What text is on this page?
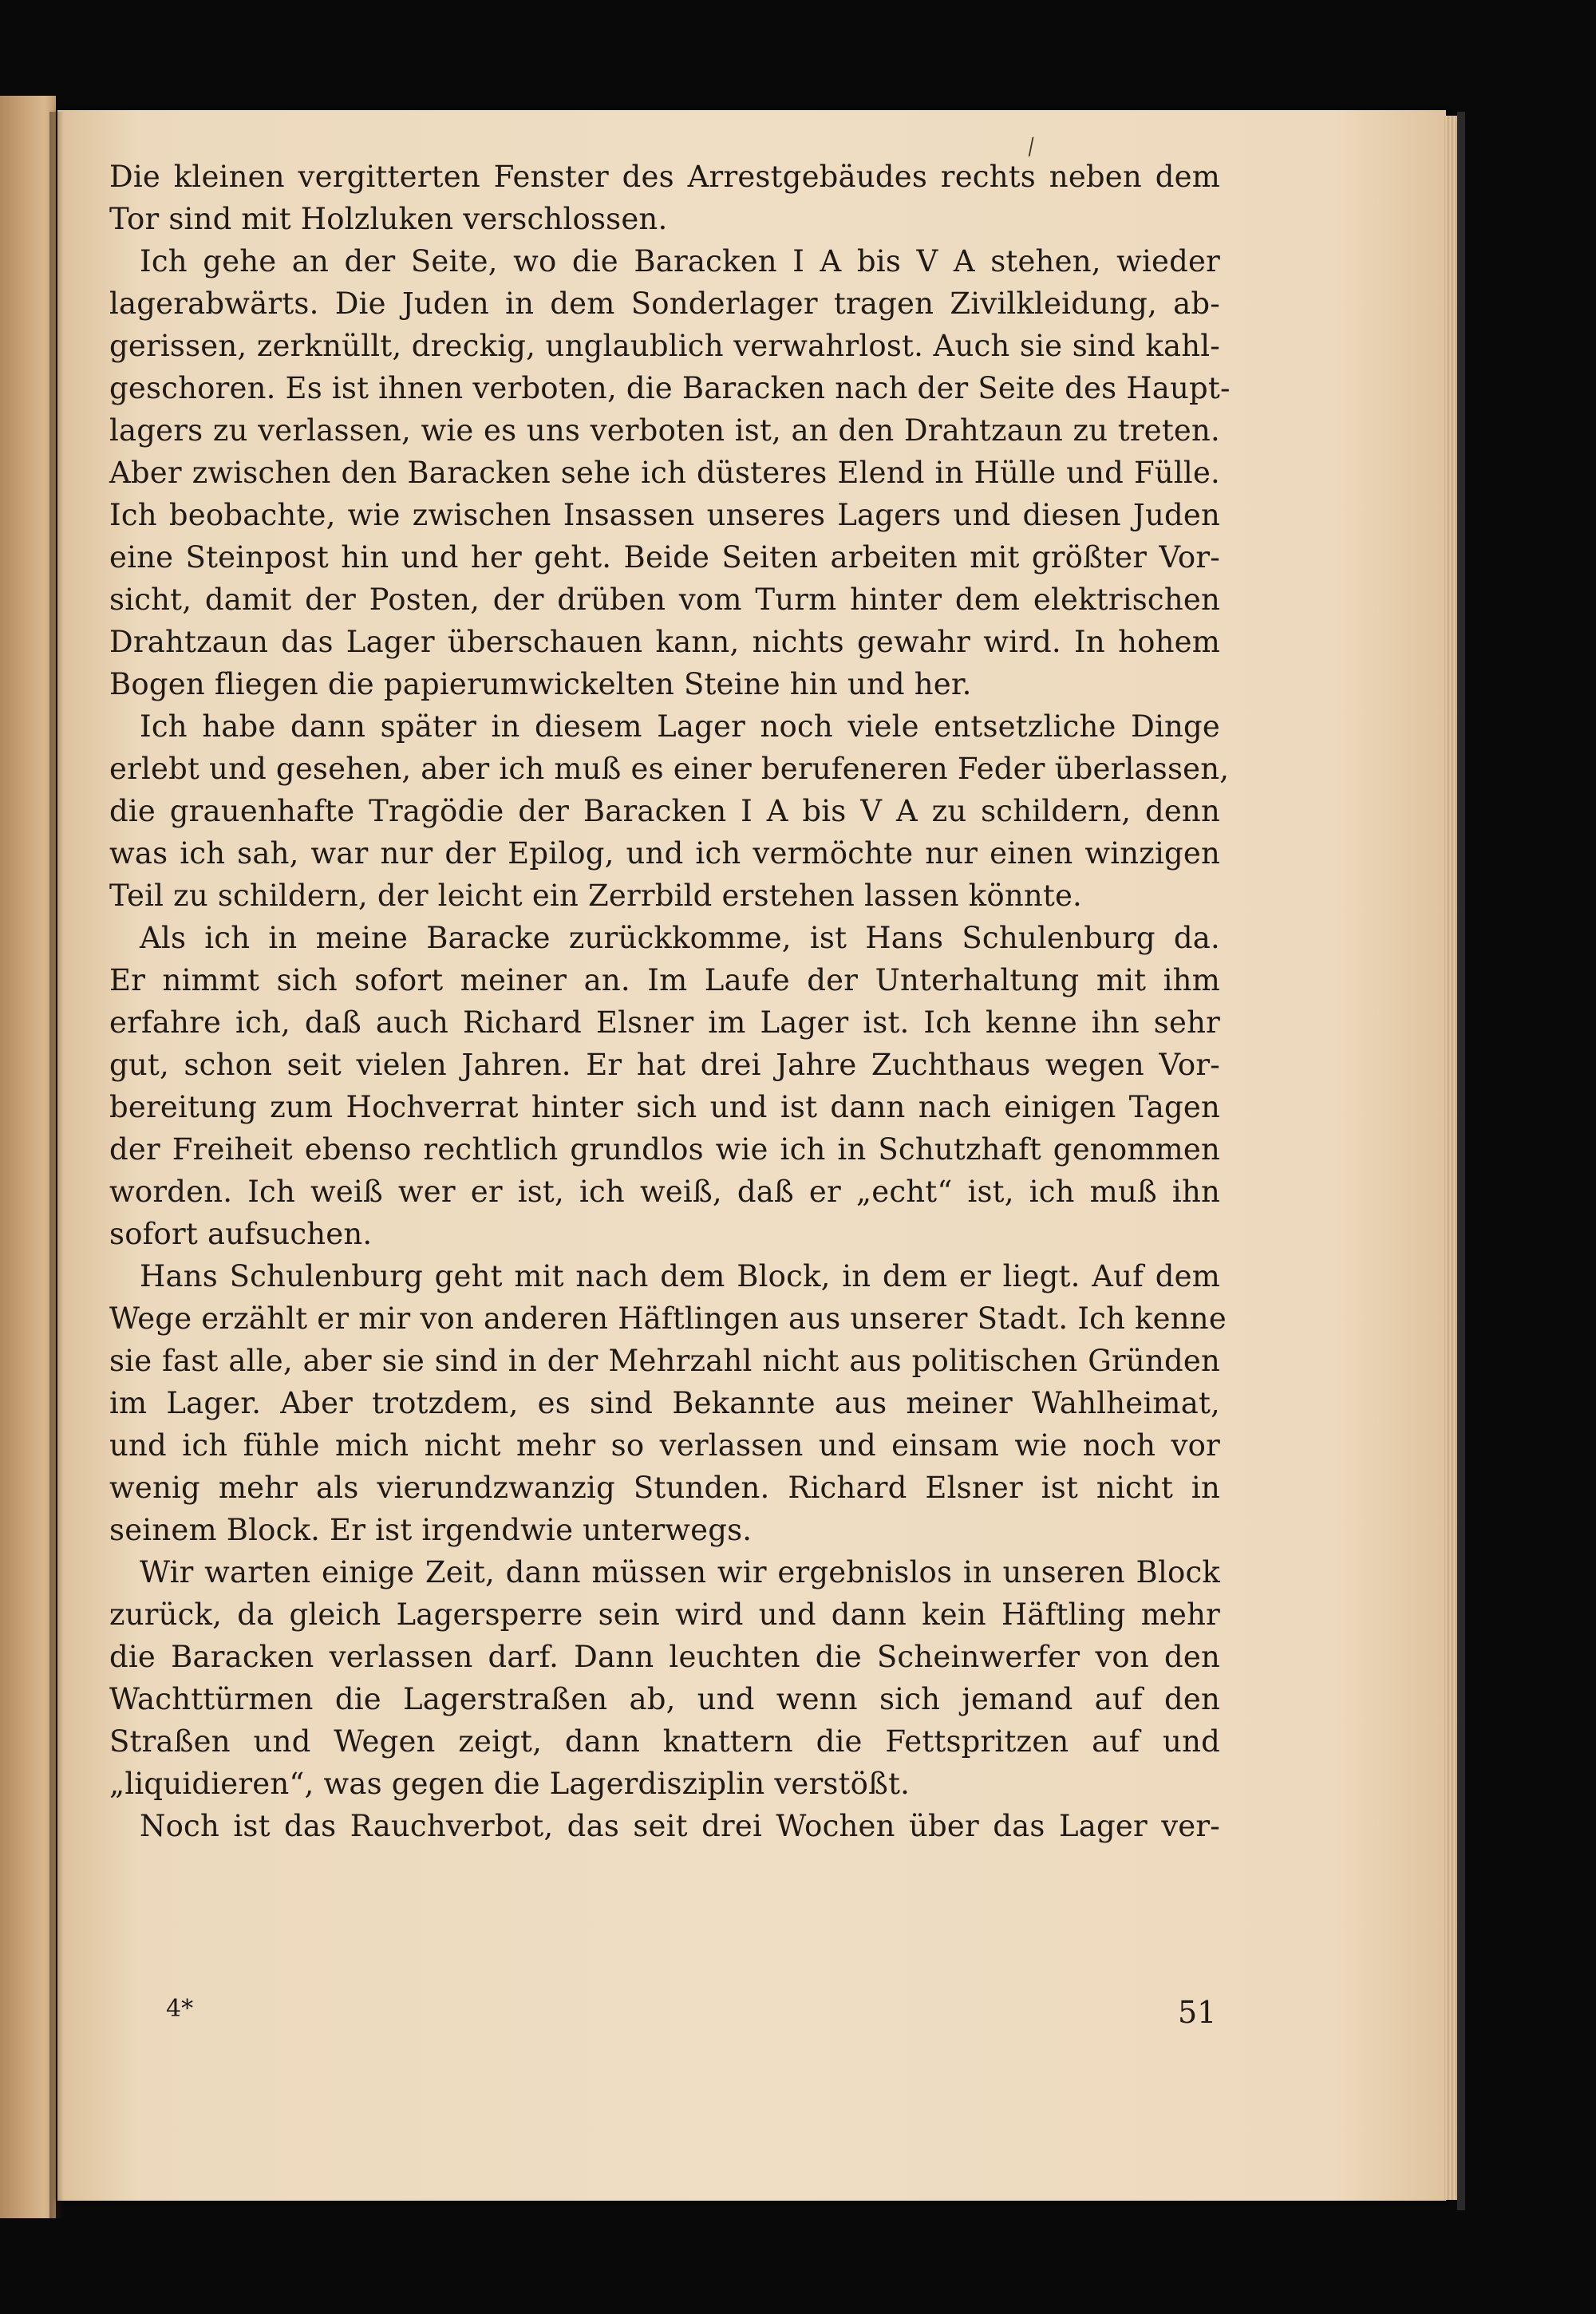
⁄
Die kleinen vergitterten Fenster des Arrestgebäudes rechts neben dem
Tor sind mit Holzluken verschlossen.
Ich gehe an der Seite, wo die Baracken I A bis V A stehen, wieder
lagerabwärts. Die Juden in dem Sonderlager tragen Zivilkleidung, ab-
gerissen, zerknüllt, dreckig, unglaublich verwahrlost. Auch sie sind kahl-
geschoren. Es ist ihnen verboten, die Baracken nach der Seite des Haupt-
lagers zu verlassen, wie es uns verboten ist, an den Drahtzaun zu treten.
Aber zwischen den Baracken sehe ich düsteres Elend in Hülle und Fülle.
Ich beobachte, wie zwischen Insassen unseres Lagers und diesen Juden
eine Steinpost hin und her geht. Beide Seiten arbeiten mit größter Vor-
sicht, damit der Posten, der drüben vom Turm hinter dem elektrischen
Drahtzaun das Lager überschauen kann, nichts gewahr wird. In hohem
Bogen fliegen die papierumwickelten Steine hin und her.
Ich habe dann später in diesem Lager noch viele entsetzliche Dinge
erlebt und gesehen, aber ich muß es einer berufeneren Feder überlassen,
die grauenhafte Tragödie der Baracken I A bis V A zu schildern, denn
was ich sah, war nur der Epilog, und ich vermöchte nur einen winzigen
Teil zu schildern, der leicht ein Zerrbild erstehen lassen könnte.
Als ich in meine Baracke zurückkomme, ist Hans Schulenburg da.
Er nimmt sich sofort meiner an. Im Laufe der Unterhaltung mit ihm
erfahre ich, daß auch Richard Elsner im Lager ist. Ich kenne ihn sehr
gut, schon seit vielen Jahren. Er hat drei Jahre Zuchthaus wegen Vor-
bereitung zum Hochverrat hinter sich und ist dann nach einigen Tagen
der Freiheit ebenso rechtlich grundlos wie ich in Schutzhaft genommen
worden. Ich weiß wer er ist, ich weiß, daß er „echt“ ist, ich muß ihn
sofort aufsuchen.
Hans Schulenburg geht mit nach dem Block, in dem er liegt. Auf dem
Wege erzählt er mir von anderen Häftlingen aus unserer Stadt. Ich kenne
sie fast alle, aber sie sind in der Mehrzahl nicht aus politischen Gründen
im Lager. Aber trotzdem, es sind Bekannte aus meiner Wahlheimat,
und ich fühle mich nicht mehr so verlassen und einsam wie noch vor
wenig mehr als vierundzwanzig Stunden. Richard Elsner ist nicht in
seinem Block. Er ist irgendwie unterwegs.
Wir warten einige Zeit, dann müssen wir ergebnislos in unseren Block
zurück, da gleich Lagersperre sein wird und dann kein Häftling mehr
die Baracken verlassen darf. Dann leuchten die Scheinwerfer von den
Wachttürmen die Lagerstraßen ab, und wenn sich jemand auf den
Straßen und Wegen zeigt, dann knattern die Fettspritzen auf und
„liquidieren“, was gegen die Lagerdisziplin verstößt.
Noch ist das Rauchverbot, das seit drei Wochen über das Lager ver-
4*	51
